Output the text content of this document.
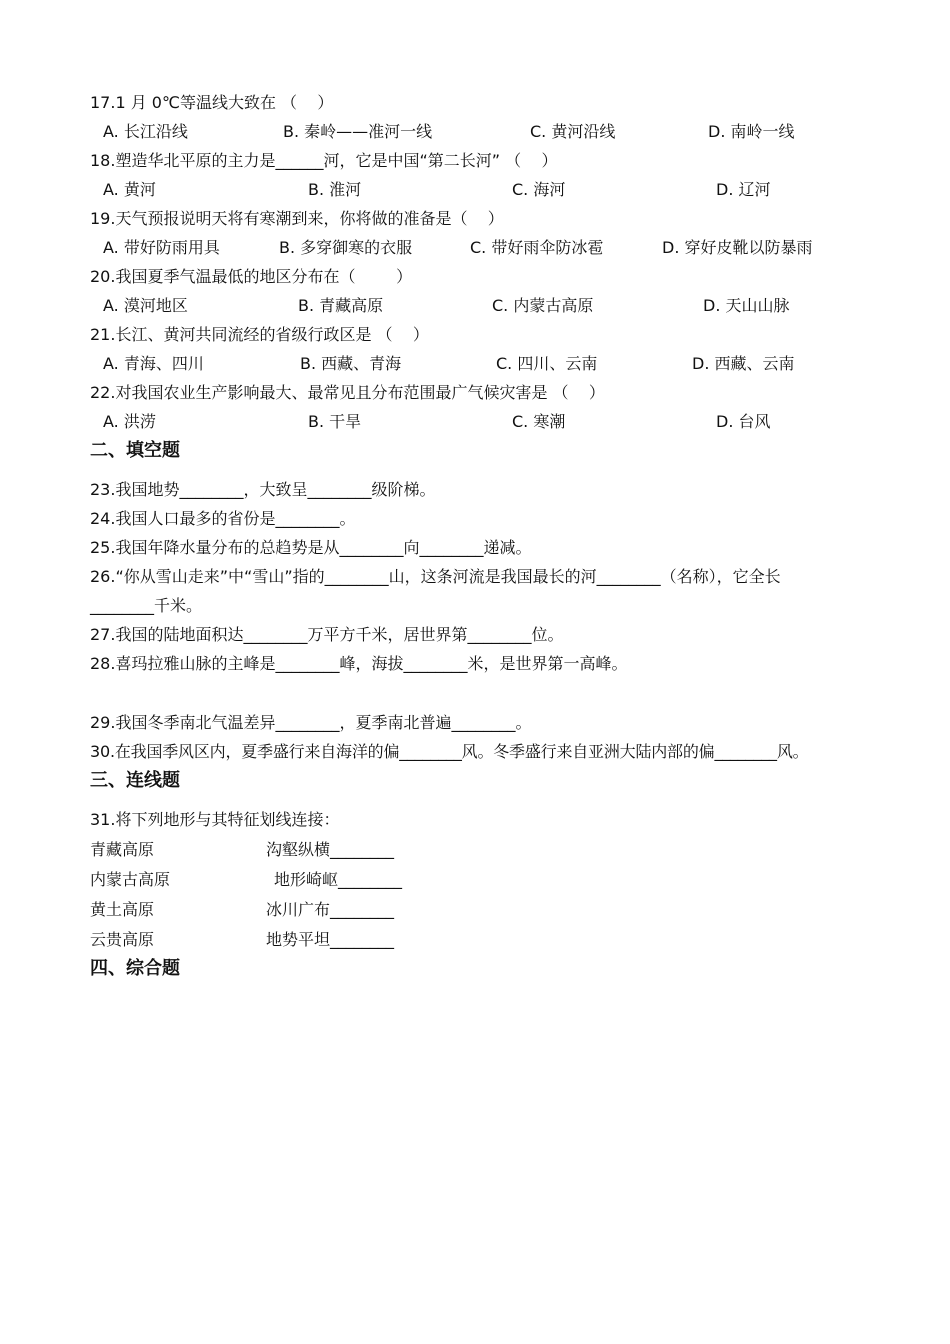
17.1 月 0℃等温线大致在 （    ）
A. 长江沿线	B. 秦岭——准河一线	C. 黄河沿线	D. 南岭一线
18.塑造华北平原的主力是______河，它是中国“第二长河” （    ）
A. 黄河	B. 淮河	C. 海河	D. 辽河
19.天气预报说明天将有寒潮到来，你将做的准备是（    ）
A. 带好防雨用具	B. 多穿御寒的衣服	C. 带好雨伞防冰雹	D. 穿好皮靴以防暴雨
20.我国夏季气温最低的地区分布在（        ）
A. 漠河地区	B. 青藏高原	C. 内蒙古高原	D. 天山山脉
21.长江、黄河共同流经的省级行政区是 （    ）
A. 青海、四川	B. 西藏、青海	C. 四川、云南	D. 西藏、云南
22.对我国农业生产影响最大、最常见且分布范围最广气候灾害是 （    ）
A. 洪涝	B. 干旱	C. 寒潮	D. 台风
二、填空题
23.我国地势________，大致呈________级阶梯。
24.我国人口最多的省份是________。
25.我国年降水量分布的总趋势是从________向________递减。
26.“你从雪山走来”中“雪山”指的________山，这条河流是我国最长的河________（名称），它全长
________千米。
27.我国的陆地面积达________万平方千米，居世界第________位。
28.喜玛拉雅山脉的主峰是________峰，海拔________米，是世界第一高峰。
29.我国冬季南北气温差异________，夏季南北普遍________。
30.在我国季风区内，夏季盛行来自海洋的偏________风。冬季盛行来自亚洲大陆内部的偏________风。
三、连线题
31.将下列地形与其特征划线连接：
青藏高原	沟壑纵横________
内蒙古高原	地形崎岖________
黄土高原	冰川广布________
云贵高原	地势平坦________
四、综合题
